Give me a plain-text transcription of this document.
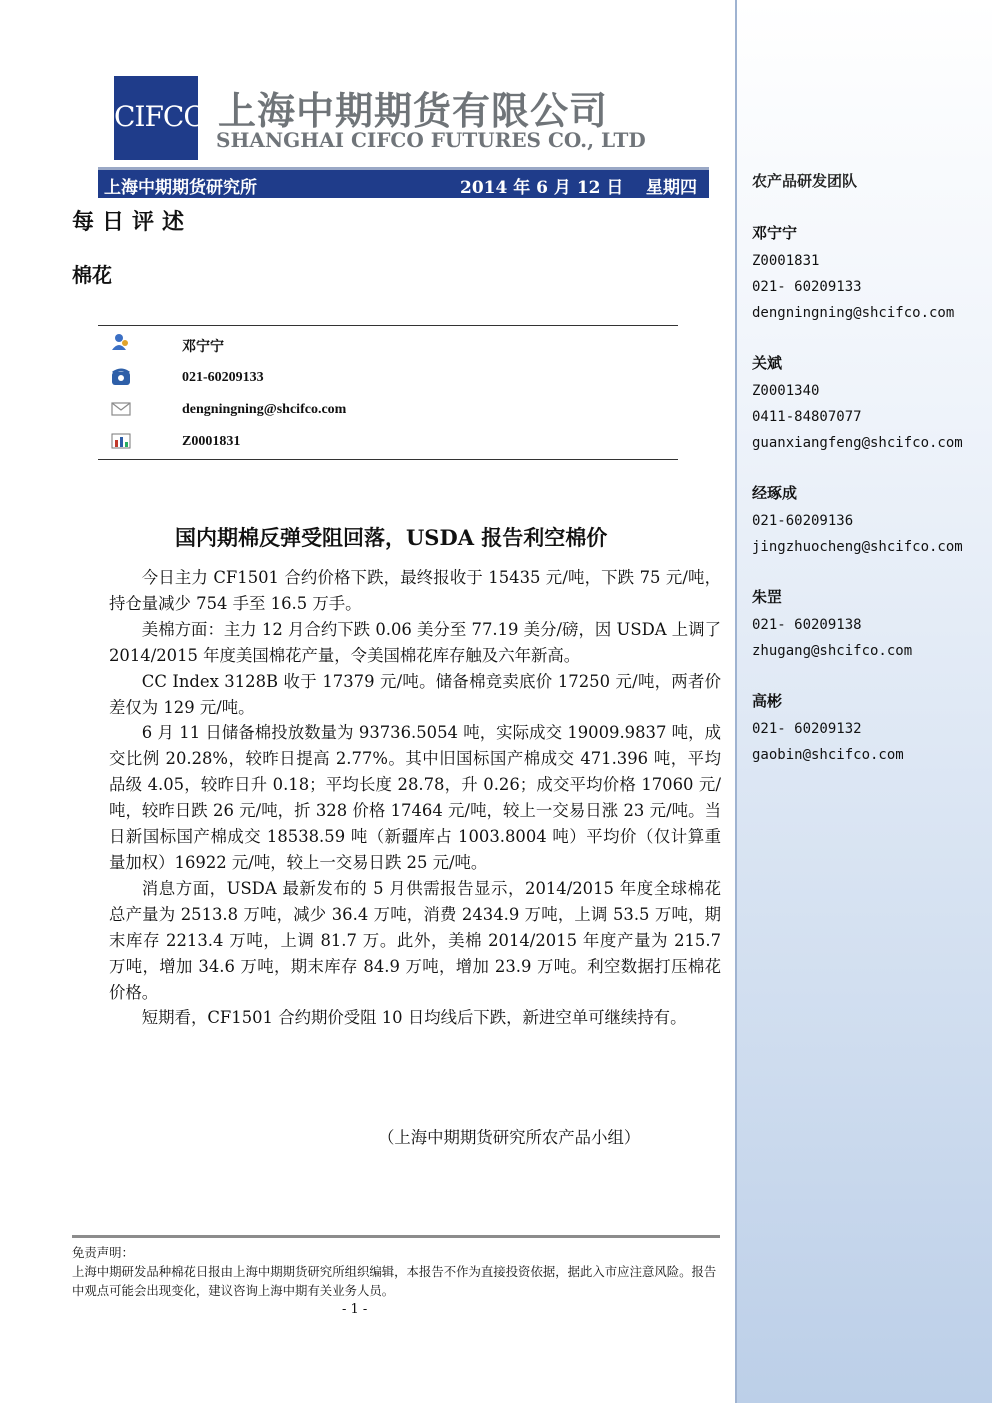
CIFCO 上海中期期货有限公司
SHANGHAI CIFCO FUTURES CO., LTD
上海中期期货研究所	2014 年 6 月 12 日 星期四
每日评述
棉花
邓宁宁
021-60209133
dengningning@shcifco.com
Z0001831
国内期棉反弹受阻回落，USDA 报告利空棉价

今日主力 CF1501 合约价格下跌，最终报收于 15435 元/吨，下跌 75 元/吨，持仓量减少 754 手至 16.5 万手。

美棉方面：主力 12 月合约下跌 0.06 美分至 77.19 美分/磅，因 USDA 上调了 2014/2015 年度美国棉花产量，令美国棉花库存触及六年新高。

CC Index 3128B 收于 17379 元/吨。储备棉竞卖底价 17250 元/吨，两者价差仅为 129 元/吨。

6 月 11 日储备棉投放数量为 93736.5054 吨，实际成交 19009.9837 吨，成交比例 20.28%，较昨日提高 2.77%。其中旧国标国产棉成交 471.396 吨，平均品级 4.05，较昨日升 0.18；平均长度 28.78，升 0.26；成交平均价格 17060 元/吨，较昨日跌 26 元/吨，折 328 价格 17464 元/吨，较上一交易日涨 23 元/吨。当日新国标国产棉成交 18538.59 吨（新疆库占 1003.8004 吨）平均价（仅计算重量加权）16922 元/吨，较上一交易日跌 25 元/吨。

消息方面，USDA 最新发布的 5 月供需报告显示，2014/2015 年度全球棉花总产量为 2513.8 万吨，减少 36.4 万吨，消费 2434.9 万吨，上调 53.5 万吨，期末库存 2213.4 万吨，上调 81.7 万。此外，美棉 2014/2015 年度产量为 215.7 万吨，增加 34.6 万吨，期末库存 84.9 万吨，增加 23.9 万吨。利空数据打压棉花价格。

短期看，CF1501 合约期价受阻 10 日均线后下跌，新进空单可继续持有。

（上海中期期货研究所农产品小组）
免责声明：
上海中期研发品种棉花日报由上海中期期货研究所组织编辑，本报告不作为直接投资依据，据此入市应注意风险。报告中观点可能会出现变化，建议咨询上海中期有关业务人员。
- 1 -
农产品研发团队
邓宁宁
Z0001831
021- 60209133
dengningning@shcifco.com
关斌
Z0001340
0411-84807077
guanxiangfeng@shcifco.com
经琢成
021-60209136
jingzhuocheng@shcifco.com
朱罡
021- 60209138
zhugang@shcifco.com
高彬
021- 60209132
gaobin@shcifco.com
